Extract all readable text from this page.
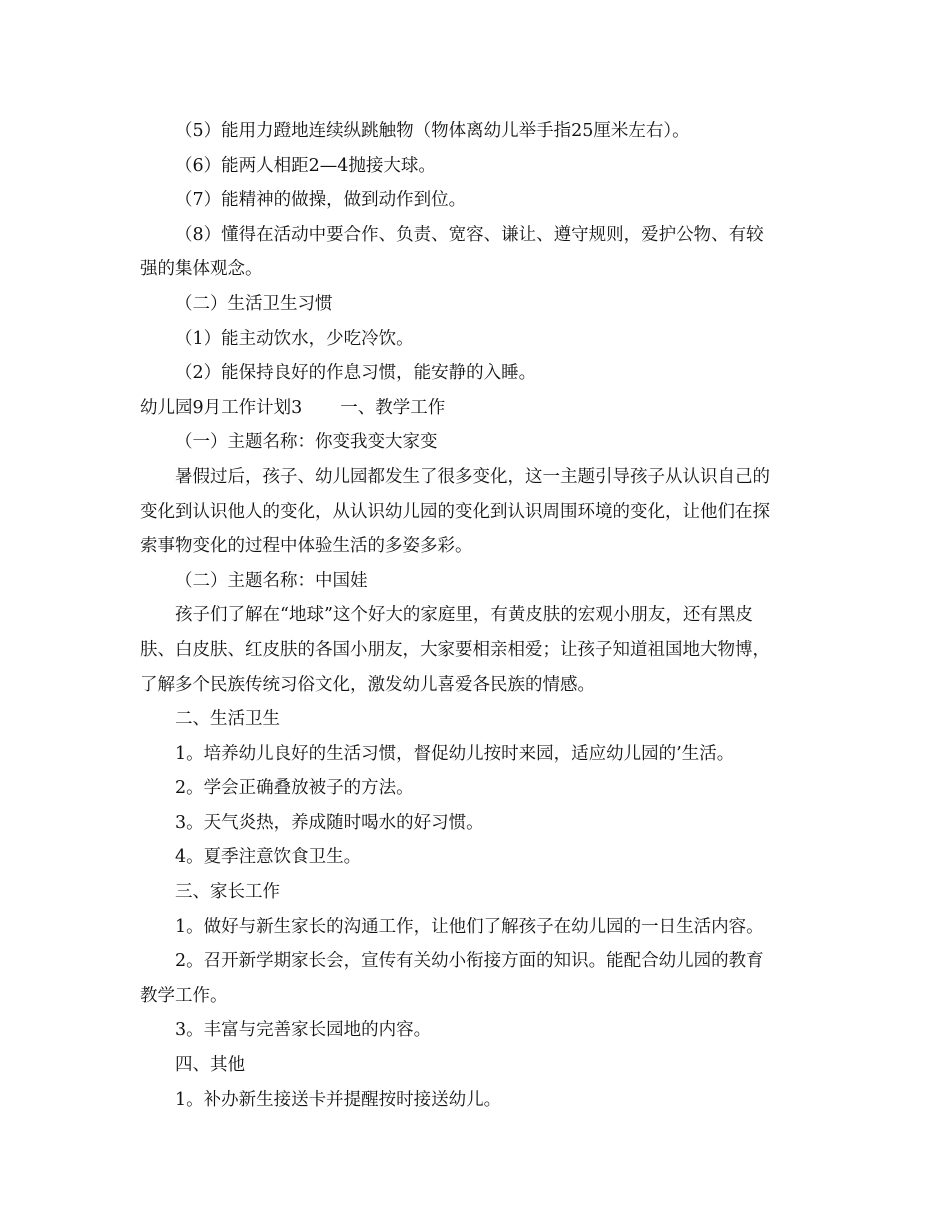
（5）能用力蹬地连续纵跳触物（物体离幼儿举手指25厘米左右）。
（6）能两人相距2—4抛接大球。
（7）能精神的做操，做到动作到位。
（8）懂得在活动中要合作、负责、宽容、谦让、遵守规则，爱护公物、有较
强的集体观念。
（二）生活卫生习惯
（1）能主动饮水，少吃冷饮。
（2）能保持良好的作息习惯，能安静的入睡。
幼儿园9月工作计划3 一、教学工作
（一）主题名称：你变我变大家变
暑假过后，孩子、幼儿园都发生了很多变化，这一主题引导孩子从认识自己的
变化到认识他人的变化，从认识幼儿园的变化到认识周围环境的变化，让他们在探
索事物变化的过程中体验生活的多姿多彩。
（二）主题名称：中国娃
孩子们了解在“地球”这个好大的家庭里，有黄皮肤的宏观小朋友，还有黑皮
肤、白皮肤、红皮肤的各国小朋友，大家要相亲相爱；让孩子知道祖国地大物博，
了解多个民族传统习俗文化，激发幼儿喜爱各民族的情感。
二、生活卫生
1。培养幼儿良好的生活习惯，督促幼儿按时来园，适应幼儿园的’生活。
2。学会正确叠放被子的方法。
3。天气炎热，养成随时喝水的好习惯。
4。夏季注意饮食卫生。
三、家长工作
1。做好与新生家长的沟通工作，让他们了解孩子在幼儿园的一日生活内容。
2。召开新学期家长会，宣传有关幼小衔接方面的知识。能配合幼儿园的教育
教学工作。
3。丰富与完善家长园地的内容。
四、其他
1。补办新生接送卡并提醒按时接送幼儿。
